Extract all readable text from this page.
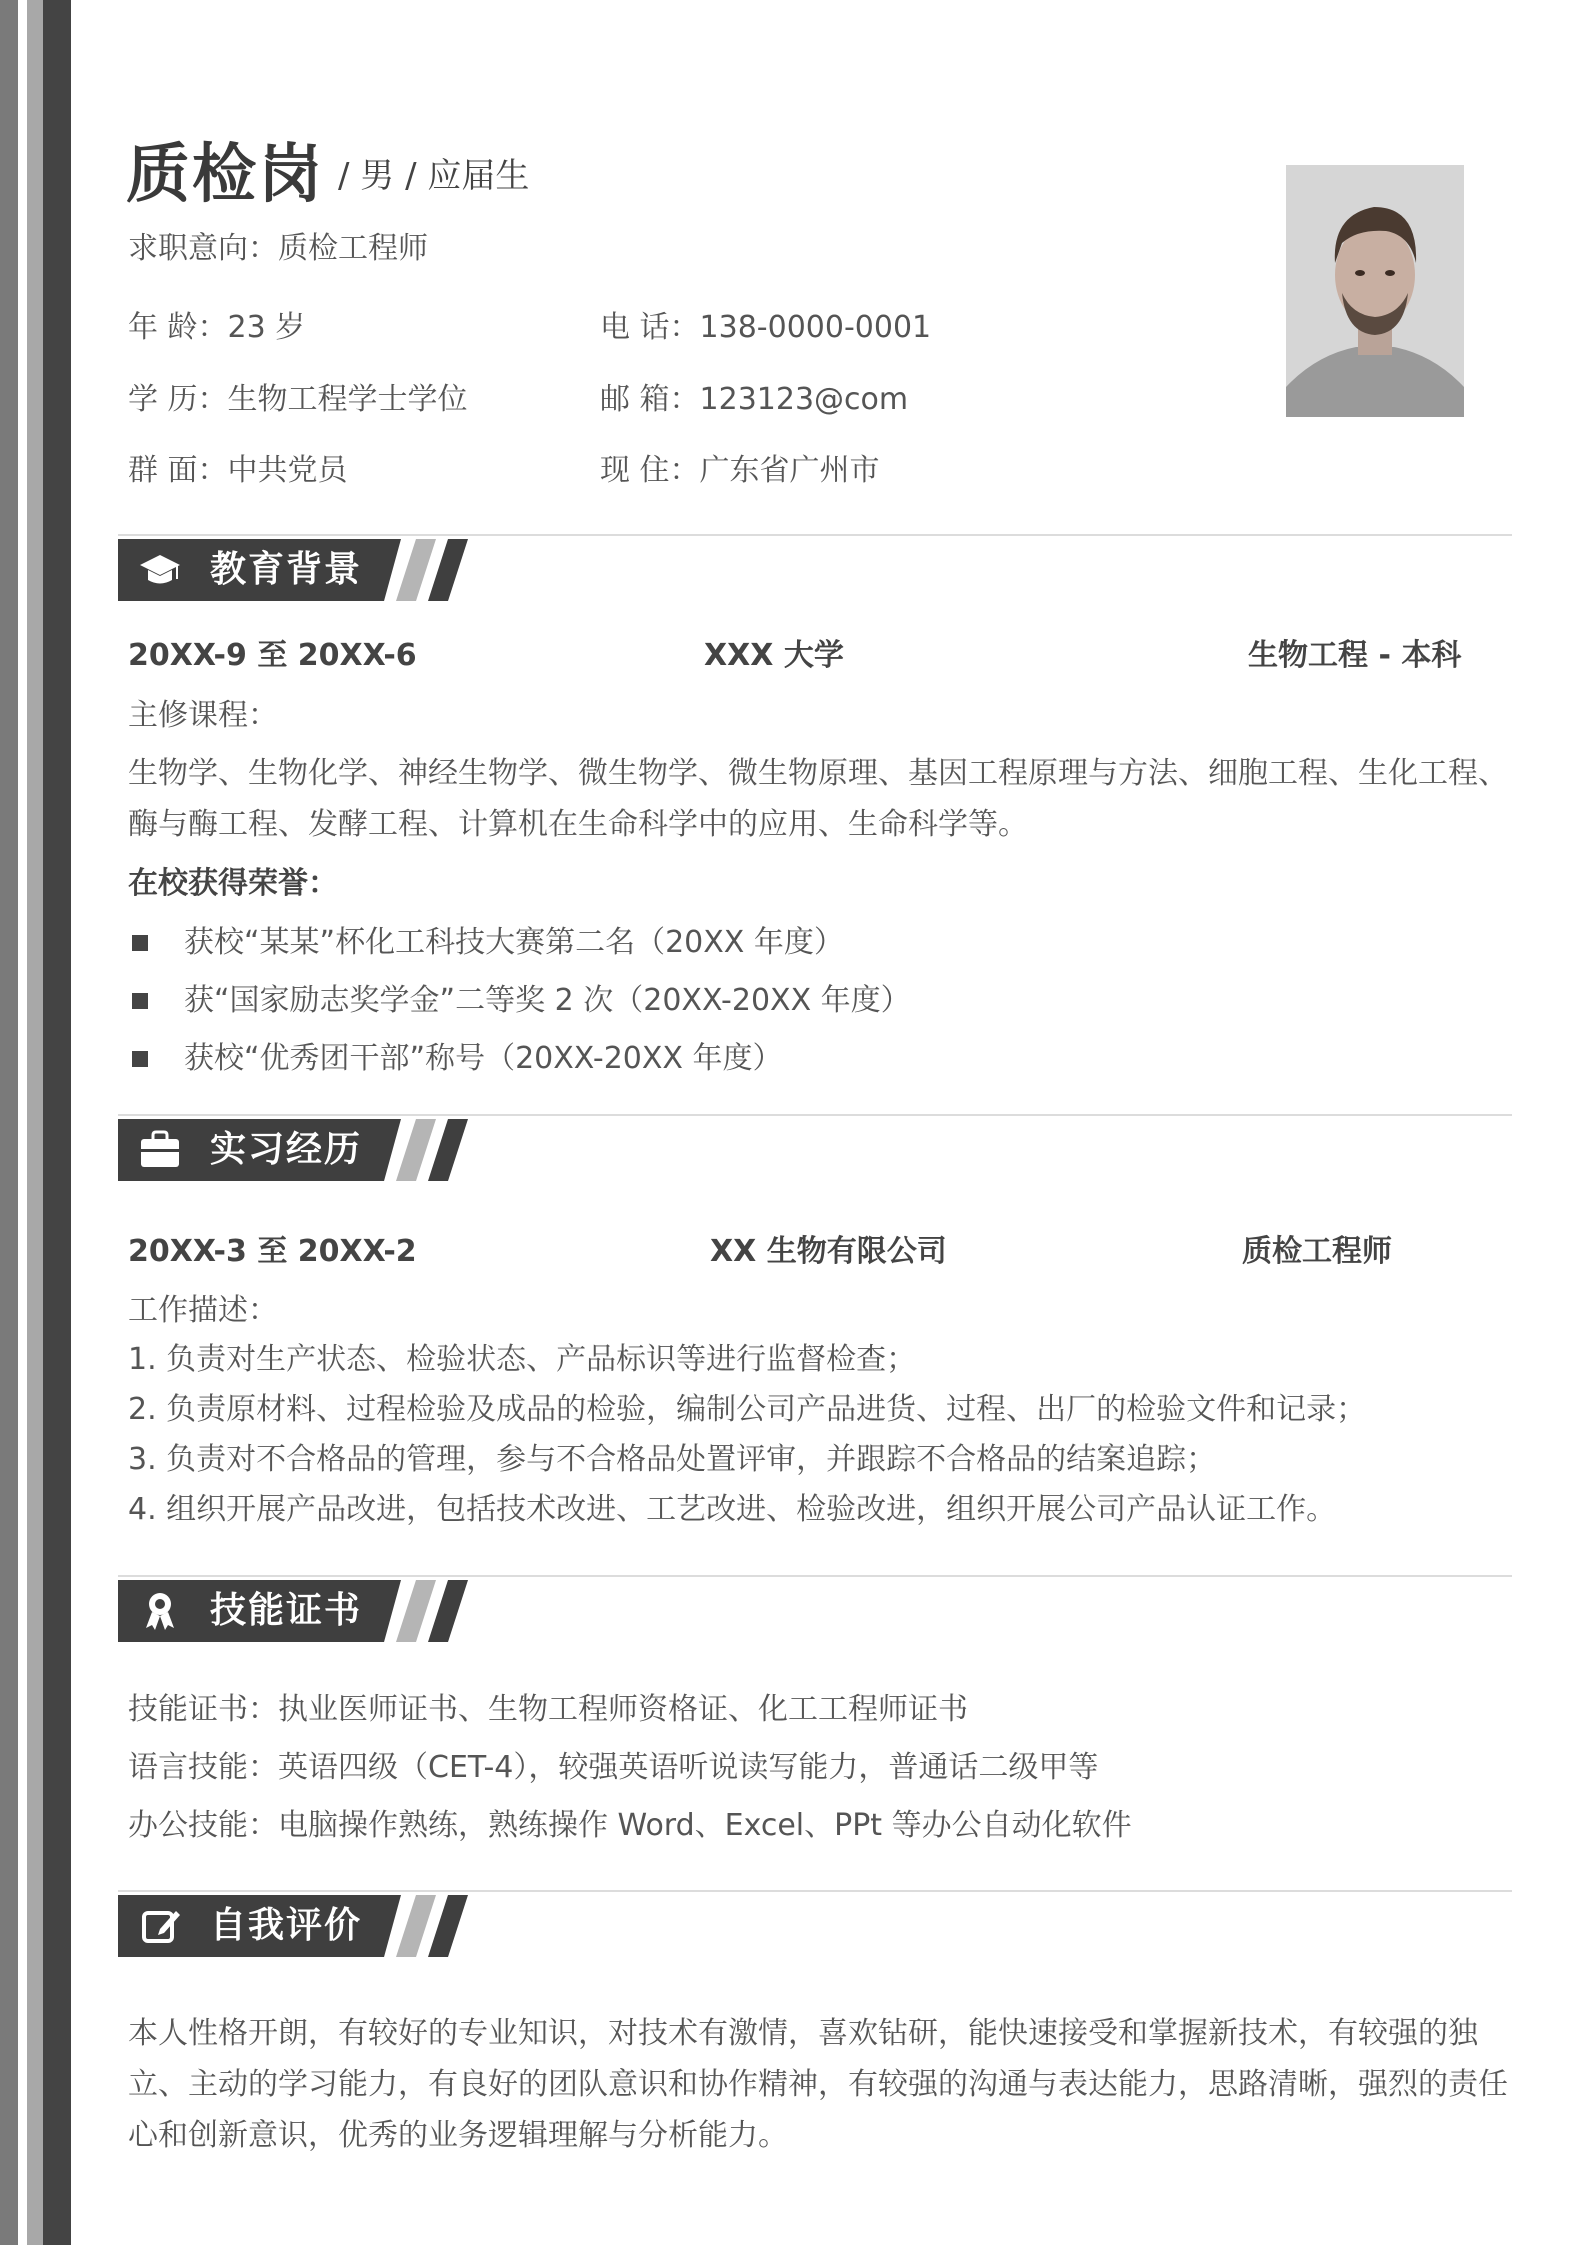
质检岗 / 男 / 应届生
求职意向：质检工程师
年 龄：23 岁	电 话：138-0000-0001
学 历：生物工程学士学位	邮 箱：123123@com
群 面：中共党员	现 住：广东省广州市
教育背景
20XX-9 至 20XX-6	XXX 大学	生物工程 - 本科
主修课程：
生物学、生物化学、神经生物学、微生物学、微生物原理、基因工程原理与方法、细胞工程、生化工程、酶与酶工程、发酵工程、计算机在生命科学中的应用、生命科学等。
在校获得荣誉：
获校“某某”杯化工科技大赛第二名（20XX 年度）
获“国家励志奖学金”二等奖 2 次（20XX-20XX 年度）
获校“优秀团干部”称号（20XX-20XX 年度）
实习经历
20XX-3 至 20XX-2	XX 生物有限公司	质检工程师
工作描述：
1. 负责对生产状态、检验状态、产品标识等进行监督检查；
2. 负责原材料、过程检验及成品的检验，编制公司产品进货、过程、出厂的检验文件和记录；
3. 负责对不合格品的管理，参与不合格品处置评审，并跟踪不合格品的结案追踪；
4. 组织开展产品改进，包括技术改进、工艺改进、检验改进，组织开展公司产品认证工作。
技能证书
技能证书：执业医师证书、生物工程师资格证、化工工程师证书
语言技能：英语四级（CET-4），较强英语听说读写能力，普通话二级甲等
办公技能：电脑操作熟练，熟练操作 Word、Excel、PPt 等办公自动化软件
自我评价
本人性格开朗，有较好的专业知识，对技术有激情，喜欢钻研，能快速接受和掌握新技术，有较强的独立、主动的学习能力，有良好的团队意识和协作精神，有较强的沟通与表达能力，思路清晰，强烈的责任心和创新意识，优秀的业务逻辑理解与分析能力。
